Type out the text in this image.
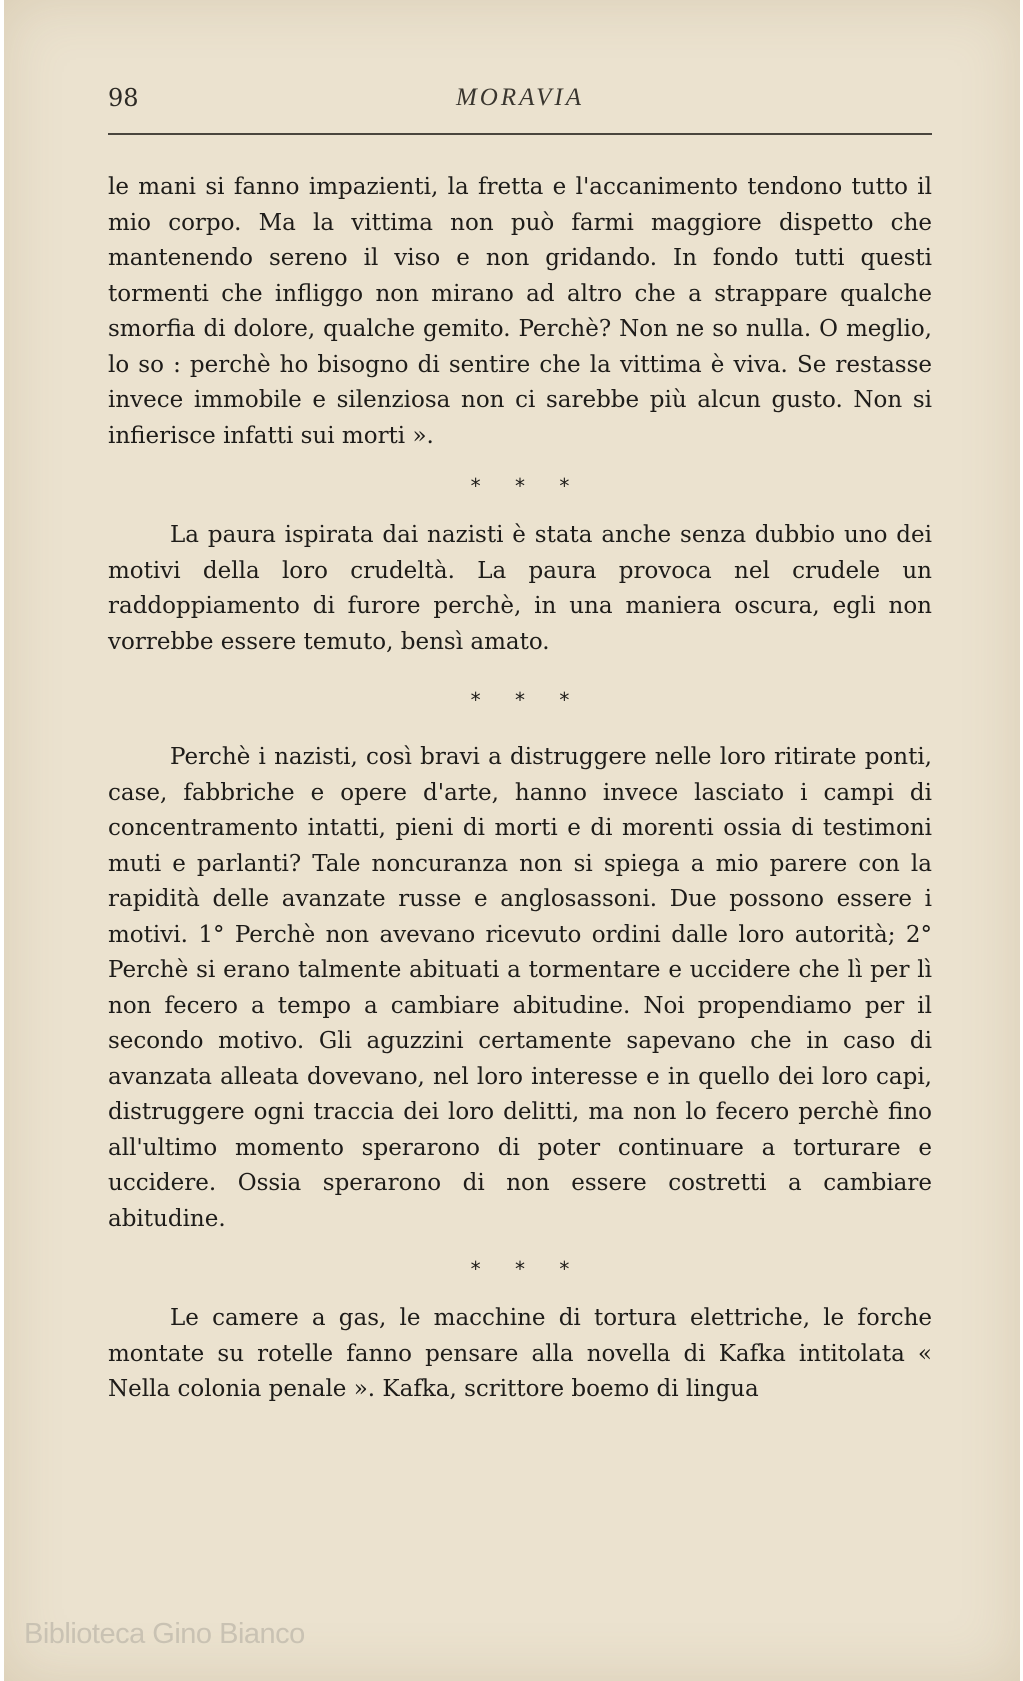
98	MORAVIA

le mani si fanno impazienti, la fretta e l'accanimento tendono tutto il mio corpo. Ma la vittima non può farmi maggiore dispetto che mantenendo sereno il viso e non gridando. In fondo tutti questi tormenti che infliggo non mirano ad altro che a strappare qualche smorfia di dolore, qualche gemito. Perchè? Non ne so nulla. O meglio, lo so : perchè ho bisogno di sentire che la vittima è viva. Se restasse invece immobile e silenziosa non ci sarebbe più alcun gusto. Non si infierisce infatti sui morti ».

* * *

La paura ispirata dai nazisti è stata anche senza dubbio uno dei motivi della loro crudeltà. La paura provoca nel crudele un raddoppiamento di furore perchè, in una maniera oscura, egli non vorrebbe essere temuto, bensì amato.

* * *

Perchè i nazisti, così bravi a distruggere nelle loro ritirate ponti, case, fabbriche e opere d'arte, hanno invece lasciato i campi di concentramento intatti, pieni di morti e di morenti ossia di testimoni muti e parlanti? Tale noncuranza non si spiega a mio parere con la rapidità delle avanzate russe e anglosassoni. Due possono essere i motivi. 1° Perchè non avevano ricevuto ordini dalle loro autorità; 2° Perchè si erano talmente abituati a tormentare e uccidere che lì per lì non fecero a tempo a cambiare abitudine. Noi propendiamo per il secondo motivo. Gli aguzzini certamente sapevano che in caso di avanzata alleata dovevano, nel loro interesse e in quello dei loro capi, distruggere ogni traccia dei loro delitti, ma non lo fecero perchè fino all'ultimo momento sperarono di poter continuare a torturare e uccidere. Ossia sperarono di non essere costretti a cambiare abitudine.

* * *

Le camere a gas, le macchine di tortura elettriche, le forche montate su rotelle fanno pensare alla novella di Kafka intitolata « Nella colonia penale ». Kafka, scrittore boemo di lingua

Biblioteca Gino Bianco
